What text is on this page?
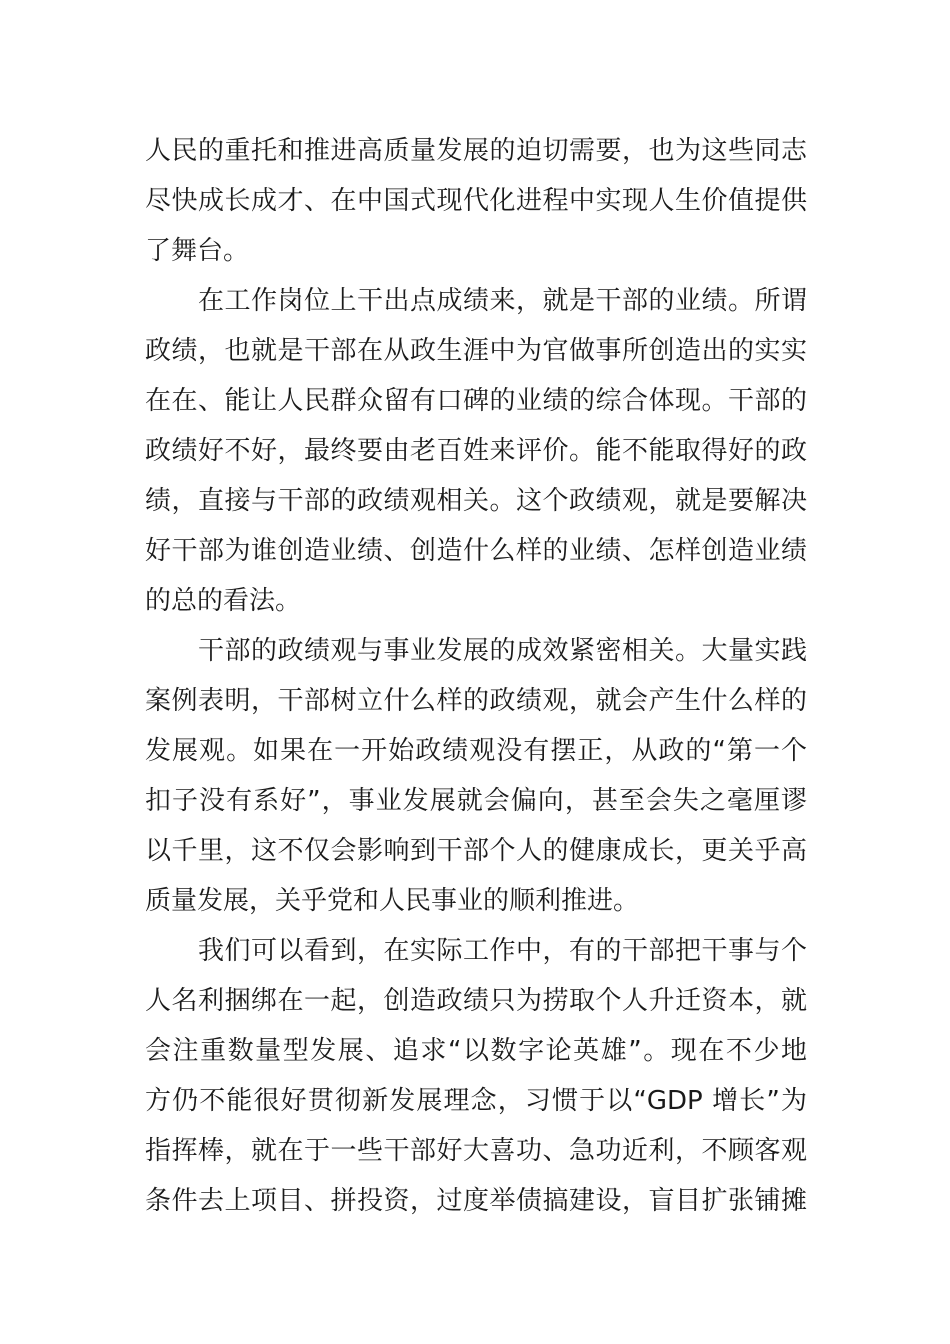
人民的重托和推进高质量发展的迫切需要，也为这些同志
尽快成长成才、在中国式现代化进程中实现人生价值提供
了舞台。
　　在工作岗位上干出点成绩来，就是干部的业绩。所谓
政绩，也就是干部在从政生涯中为官做事所创造出的实实
在在、能让人民群众留有口碑的业绩的综合体现。干部的
政绩好不好，最终要由老百姓来评价。能不能取得好的政
绩，直接与干部的政绩观相关。这个政绩观，就是要解决
好干部为谁创造业绩、创造什么样的业绩、怎样创造业绩
的总的看法。
　　干部的政绩观与事业发展的成效紧密相关。大量实践
案例表明，干部树立什么样的政绩观，就会产生什么样的
发展观。如果在一开始政绩观没有摆正，从政的“第一个
扣子没有系好”，事业发展就会偏向，甚至会失之毫厘谬
以千里，这不仅会影响到干部个人的健康成长，更关乎高
质量发展，关乎党和人民事业的顺利推进。
　　我们可以看到，在实际工作中，有的干部把干事与个
人名利捆绑在一起，创造政绩只为捞取个人升迁资本，就
会注重数量型发展、追求“以数字论英雄”。现在不少地
方仍不能很好贯彻新发展理念，习惯于以“GDP 增长”为
指挥棒，就在于一些干部好大喜功、急功近利，不顾客观
条件去上项目、拼投资，过度举债搞建设，盲目扩张铺摊
